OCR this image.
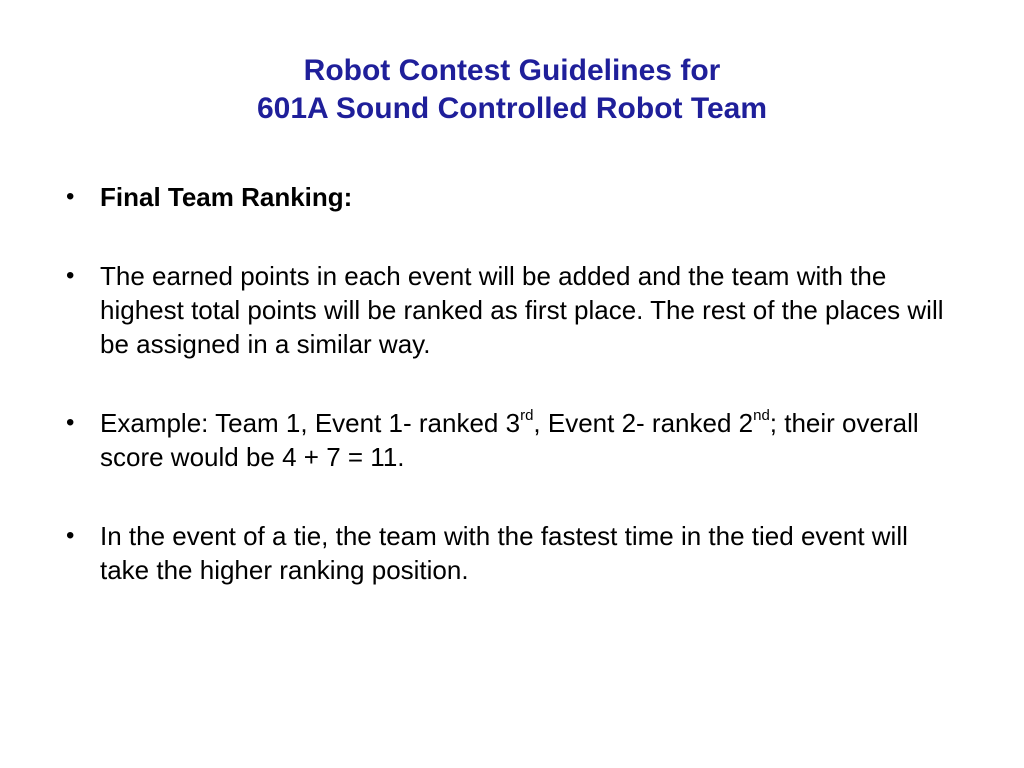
Robot Contest Guidelines for
601A Sound Controlled Robot Team
• Final Team Ranking:
• The earned points in each event will be added and the team with the highest total points will be ranked as first place. The rest of the places will be assigned in a similar way.
• Example: Team 1, Event 1- ranked 3rd, Event 2- ranked 2nd; their overall score would be 4 + 7 = 11.
• In the event of a tie, the team with the fastest time in the tied event will take the higher ranking position.
